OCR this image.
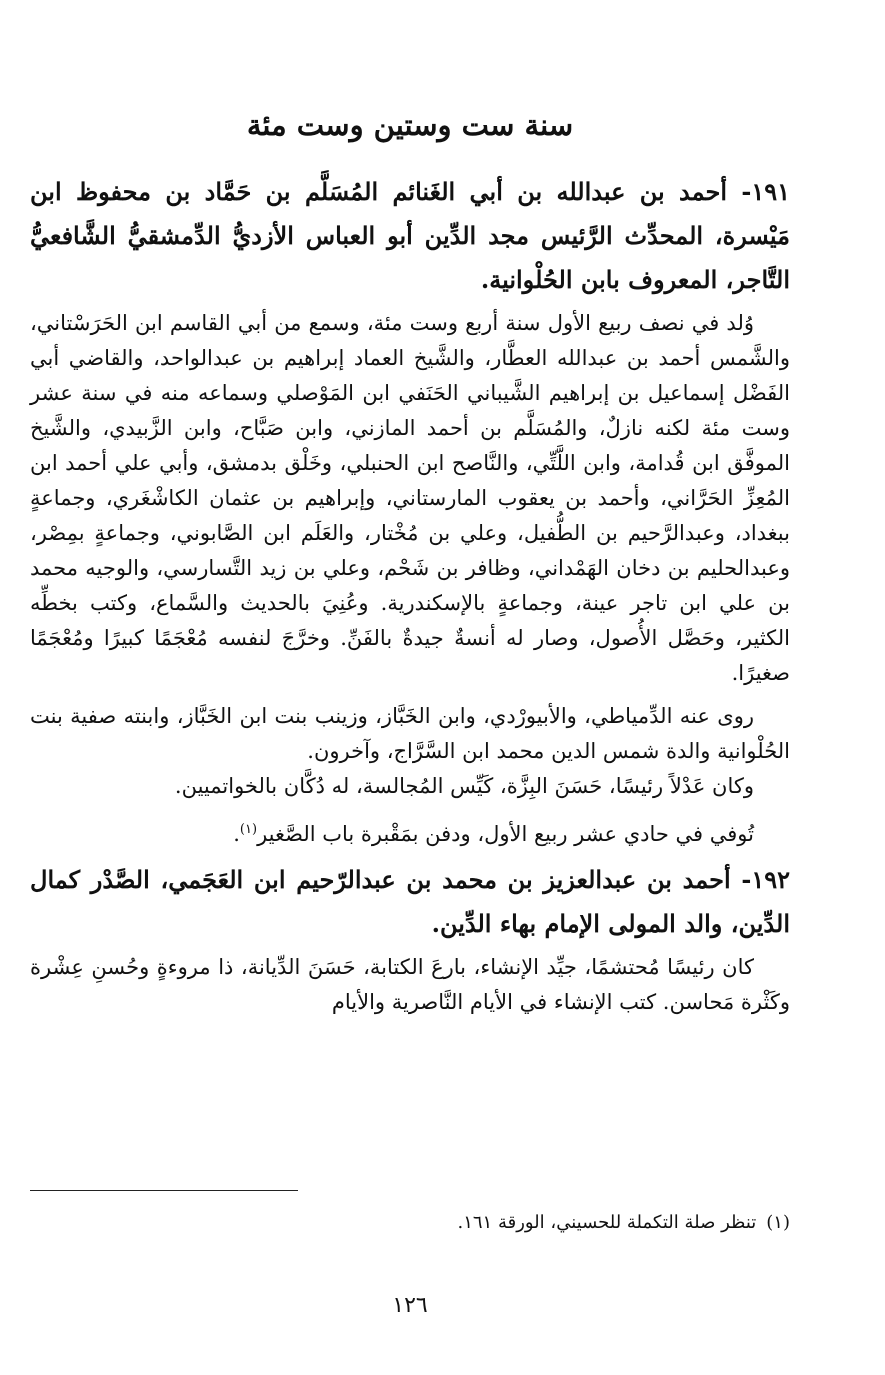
سنة ست وستين وست مئة

١٩١- أحمد بن عبدالله بن أبي الغَنائم المُسَلَّم بن حَمَّاد بن محفوظ ابن مَيْسرة، المحدِّث الرَّئيس مجد الدِّين أبو العباس الأزديُّ الدِّمشقيُّ الشَّافعيُّ التَّاجر، المعروف بابن الحُلْوانية.

وُلد في نصف ربيع الأول سنة أربع وست مئة، وسمع من أبي القاسم ابن الحَرَسْتاني، والشَّمس أحمد بن عبدالله العطَّار، والشَّيخ العماد إبراهيم بن عبدالواحد، والقاضي أبي الفَضْل إسماعيل بن إبراهيم الشَّيباني الحَنَفي ابن المَوْصلي وسماعه منه في سنة عشر وست مئة لكنه نازلٌ، والمُسَلَّم بن أحمد المازني، وابن صَبَّاح، وابن الزَّبيدي، والشَّيخ الموفَّق ابن قُدامة، وابن اللَّتِّي، والنَّاصح ابن الحنبلي، وخَلْق بدمشق، وأبي علي أحمد ابن المُعِزِّ الحَرَّاني، وأحمد بن يعقوب المارستاني، وإبراهيم بن عثمان الكاشْغَري، وجماعةٍ ببغداد، وعبدالرَّحيم بن الطُّفيل، وعلي بن مُخْتار، والعَلَم ابن الصَّابوني، وجماعةٍ بمِصْر، وعبدالحليم بن دخان الهَمْداني، وظافر بن شَحْم، وعلي بن زيد التَّسارسي، والوجيه محمد بن علي ابن تاجر عينة، وجماعةٍ بالإسكندرية. وعُنِيَ بالحديث والسَّماع، وكتب بخطِّه الكثير، وحَصَّل الأُصول، وصار له أنسةٌ جيدةٌ بالفَنِّ. وخرَّجَ لنفسه مُعْجَمًا كبيرًا ومُعْجَمًا صغيرًا.

روى عنه الدِّمياطي، والأبيورْدي، وابن الخَبَّاز، وزينب بنت ابن الخَبَّاز، وابنته صفية بنت الحُلْوانية والدة شمس الدين محمد ابن السَّرَّاج، وآخرون.

وكان عَدْلاً رئيسًا، حَسَنَ البِزَّة، كَيِّس المُجالسة، له دُكَّان بالخواتميين.

تُوفي في حادي عشر ربيع الأول، ودفن بمَقْبرة باب الصَّغير$^{(١)}$.

١٩٢- أحمد بن عبدالعزيز بن محمد بن عبدالرّحيم ابن العَجَمي، الصَّدْر كمال الدِّين، والد المولى الإمام بهاء الدِّين.

كان رئيسًا مُحتشمًا، جيِّد الإنشاء، بارعَ الكتابة، حَسَنَ الدِّيانة، ذا مروءةٍ وحُسنِ عِشْرة وكَثْرة مَحاسن. كتب الإنشاء في الأيام النَّاصرية والأيام

(١)تنظر صلة التكملة للحسيني، الورقة ١٦١.
١٢٦
